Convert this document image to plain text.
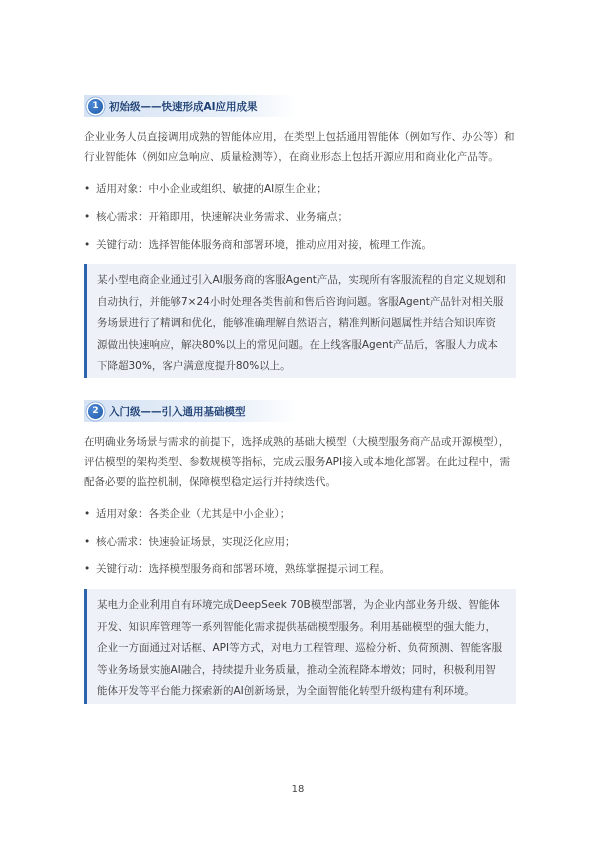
1 初始级——快速形成AI应用成果
企业业务人员直接调用成熟的智能体应用，在类型上包括通用智能体（例如写作、办公等）和行业智能体（例如应急响应、质量检测等），在商业形态上包括开源应用和商业化产品等。
• 适用对象：中小企业或组织、敏捷的AI原生企业；
• 核心需求：开箱即用，快速解决业务需求、业务痛点；
• 关键行动：选择智能体服务商和部署环境，推动应用对接，梳理工作流。

某小型电商企业通过引入AI服务商的客服Agent产品，实现所有客服流程的自定义规划和自动执行，并能够7×24小时处理各类售前和售后咨询问题。客服Agent产品针对相关服务场景进行了精调和优化，能够准确理解自然语言，精准判断问题属性并结合知识库资源做出快速响应，解决80%以上的常见问题。在上线客服Agent产品后，客服人力成本下降超30%，客户满意度提升80%以上。

2 入门级——引入通用基础模型
在明确业务场景与需求的前提下，选择成熟的基础大模型（大模型服务商产品或开源模型），评估模型的架构类型、参数规模等指标，完成云服务API接入或本地化部署。在此过程中，需配备必要的监控机制，保障模型稳定运行并持续迭代。
• 适用对象：各类企业（尤其是中小企业）；
• 核心需求：快速验证场景，实现泛化应用；
• 关键行动：选择模型服务商和部署环境，熟练掌握提示词工程。

某电力企业利用自有环境完成DeepSeek 70B模型部署，为企业内部业务升级、智能体开发、知识库管理等一系列智能化需求提供基础模型服务。利用基础模型的强大能力，企业一方面通过对话框、API等方式，对电力工程管理、巡检分析、负荷预测、智能客服等业务场景实施AI融合，持续提升业务质量，推动全流程降本增效；同时，积极利用智能体开发等平台能力探索新的AI创新场景，为全面智能化转型升级构建有利环境。

18
